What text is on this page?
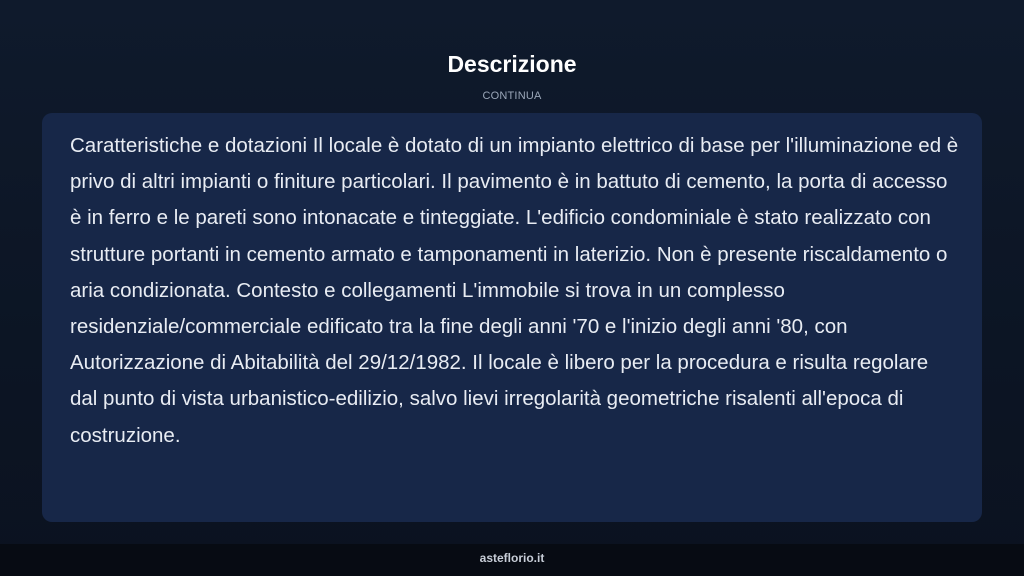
Descrizione
CONTINUA

Caratteristiche e dotazioni Il locale è dotato di un impianto elettrico di base per l'illuminazione ed è privo di altri impianti o finiture particolari. Il pavimento è in battuto di cemento, la porta di accesso è in ferro e le pareti sono intonacate e tinteggiate. L'edificio condominiale è stato realizzato con strutture portanti in cemento armato e tamponamenti in laterizio. Non è presente riscaldamento o aria condizionata. Contesto e collegamenti L'immobile si trova in un complesso residenziale/commerciale edificato tra la fine degli anni '70 e l'inizio degli anni '80, con Autorizzazione di Abitabilità del 29/12/1982. Il locale è libero per la procedura e risulta regolare dal punto di vista urbanistico-edilizio, salvo lievi irregolarità geometriche risalenti all'epoca di costruzione.

asteflorio.it
